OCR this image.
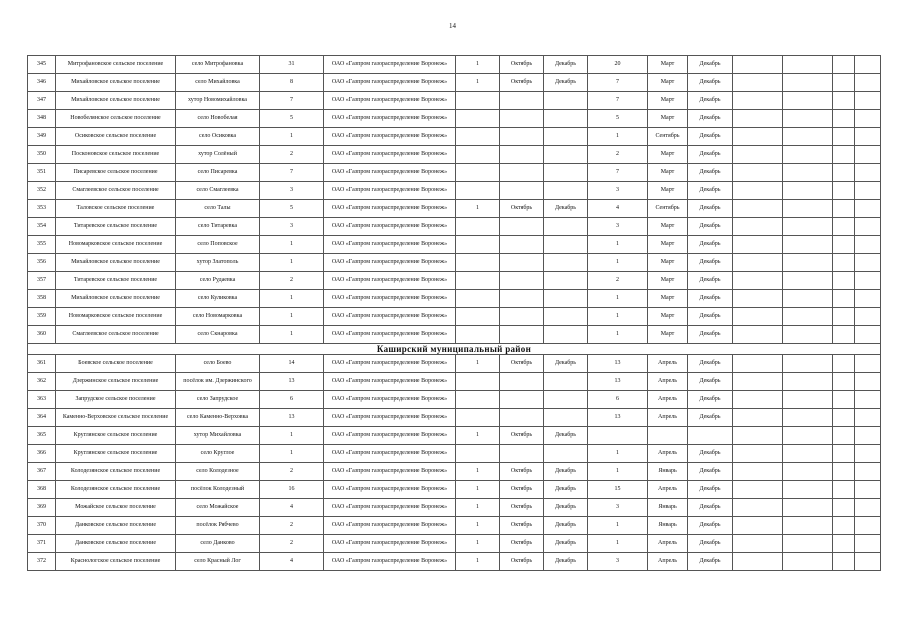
14
345	Митрофановское сельское поселение	село Митрофановка	31	ОАО «Газпром газораспределение Воронеж»	1	Октябрь	Декабрь	20	Март	Декабрь				
346	Михайловское сельское поселение	село Михайловка	8	ОАО «Газпром газораспределение Воронеж»	1	Октябрь	Декабрь	7	Март	Декабрь				
347	Михайловское сельское поселение	хутор Новомихайловка	7	ОАО «Газпром газораспределение Воронеж»				7	Март	Декабрь				
348	Новобелянское сельское поселение	село Новобелая	5	ОАО «Газпром газораспределение Воронеж»				5	Март	Декабрь				
349	Осиковское сельское поселение	село Осиковка	1	ОАО «Газпром газораспределение Воронеж»				1	Сентябрь	Декабрь				
350	Посконовское сельское поселение	хутор Солёный	2	ОАО «Газпром газораспределение Воронеж»				2	Март	Декабрь				
351	Писаревское сельское поселение	село Писаревка	7	ОАО «Газпром газораспределение Воронеж»				7	Март	Декабрь				
352	Смаглеевское сельское поселение	село Смаглеевка	3	ОАО «Газпром газораспределение Воронеж»				3	Март	Декабрь				
353	Таловское сельское поселение	село Талы	5	ОАО «Газпром газораспределение Воронеж»	1	Октябрь	Декабрь	4	Сентябрь	Декабрь				
354	Титаревское сельское поселение	село Титаревка	3	ОАО «Газпром газораспределение Воронеж»				3	Март	Декабрь				
355	Новомарковское сельское поселение	село Поповское	1	ОАО «Газпром газораспределение Воронеж»				1	Март	Декабрь				
356	Михайловское сельское поселение	хутор Златополь	1	ОАО «Газпром газораспределение Воронеж»				1	Март	Декабрь				
357	Титаревское сельское поселение	село Рудаевка	2	ОАО «Газпром газораспределение Воронеж»				2	Март	Декабрь				
358	Михайловское сельское поселение	село Куликовка	1	ОАО «Газпром газораспределение Воронеж»				1	Март	Декабрь				
359	Новомарковское сельское поселение	село Новомарковка	1	ОАО «Газпром газораспределение Воронеж»				1	Март	Декабрь				
360	Смаглеевское сельское поселение	село Скнаровка	1	ОАО «Газпром газораспределение Воронеж»				1	Март	Декабрь				
Каширский муниципальный район														
361	Боевское сельское поселение	село Боево	14	ОАО «Газпром газораспределение Воронеж»	1	Октябрь	Декабрь	13	Апрель	Декабрь				
362	Дзержинское сельское поселение	посёлок им. Дзержинского	13	ОАО «Газпром газораспределение Воронеж»				13	Апрель	Декабрь				
363	Запрудское сельское поселение	село Запрудское	6	ОАО «Газпром газораспределение Воронеж»				6	Апрель	Декабрь				
364	Каменно-Верховское сельское поселение	село Каменно-Верховка	13	ОАО «Газпром газораспределение Воронеж»				13	Апрель	Декабрь				
365	Круглянское сельское поселение	хутор Михайловка	1	ОАО «Газпром газораспределение Воронеж»	1	Октябрь	Декабрь							
366	Круглянское сельское поселение	село Круглое	1	ОАО «Газпром газораспределение Воронеж»				1	Апрель	Декабрь				
367	Колодезянское сельское поселение	село Колодезное	2	ОАО «Газпром газораспределение Воронеж»	1	Октябрь	Декабрь	1	Январь	Декабрь				
368	Колодезянское сельское поселение	посёлок Колодезный	16	ОАО «Газпром газораспределение Воронеж»	1	Октябрь	Декабрь	15	Апрель	Декабрь				
369	Можайское сельское поселение	село Можайское	4	ОАО «Газпром газораспределение Воронеж»	1	Октябрь	Декабрь	3	Январь	Декабрь				
370	Данковское сельское поселение	посёлок Рябчево	2	ОАО «Газпром газораспределение Воронеж»	1	Октябрь	Декабрь	1	Январь	Декабрь				
371	Данковское сельское поселение	село Данково	2	ОАО «Газпром газораспределение Воронеж»	1	Октябрь	Декабрь	1	Апрель	Декабрь				
372	Краснологское сельское поселение	село Красный Лог	4	ОАО «Газпром газораспределение Воронеж»	1	Октябрь	Декабрь	3	Апрель	Декабрь				
